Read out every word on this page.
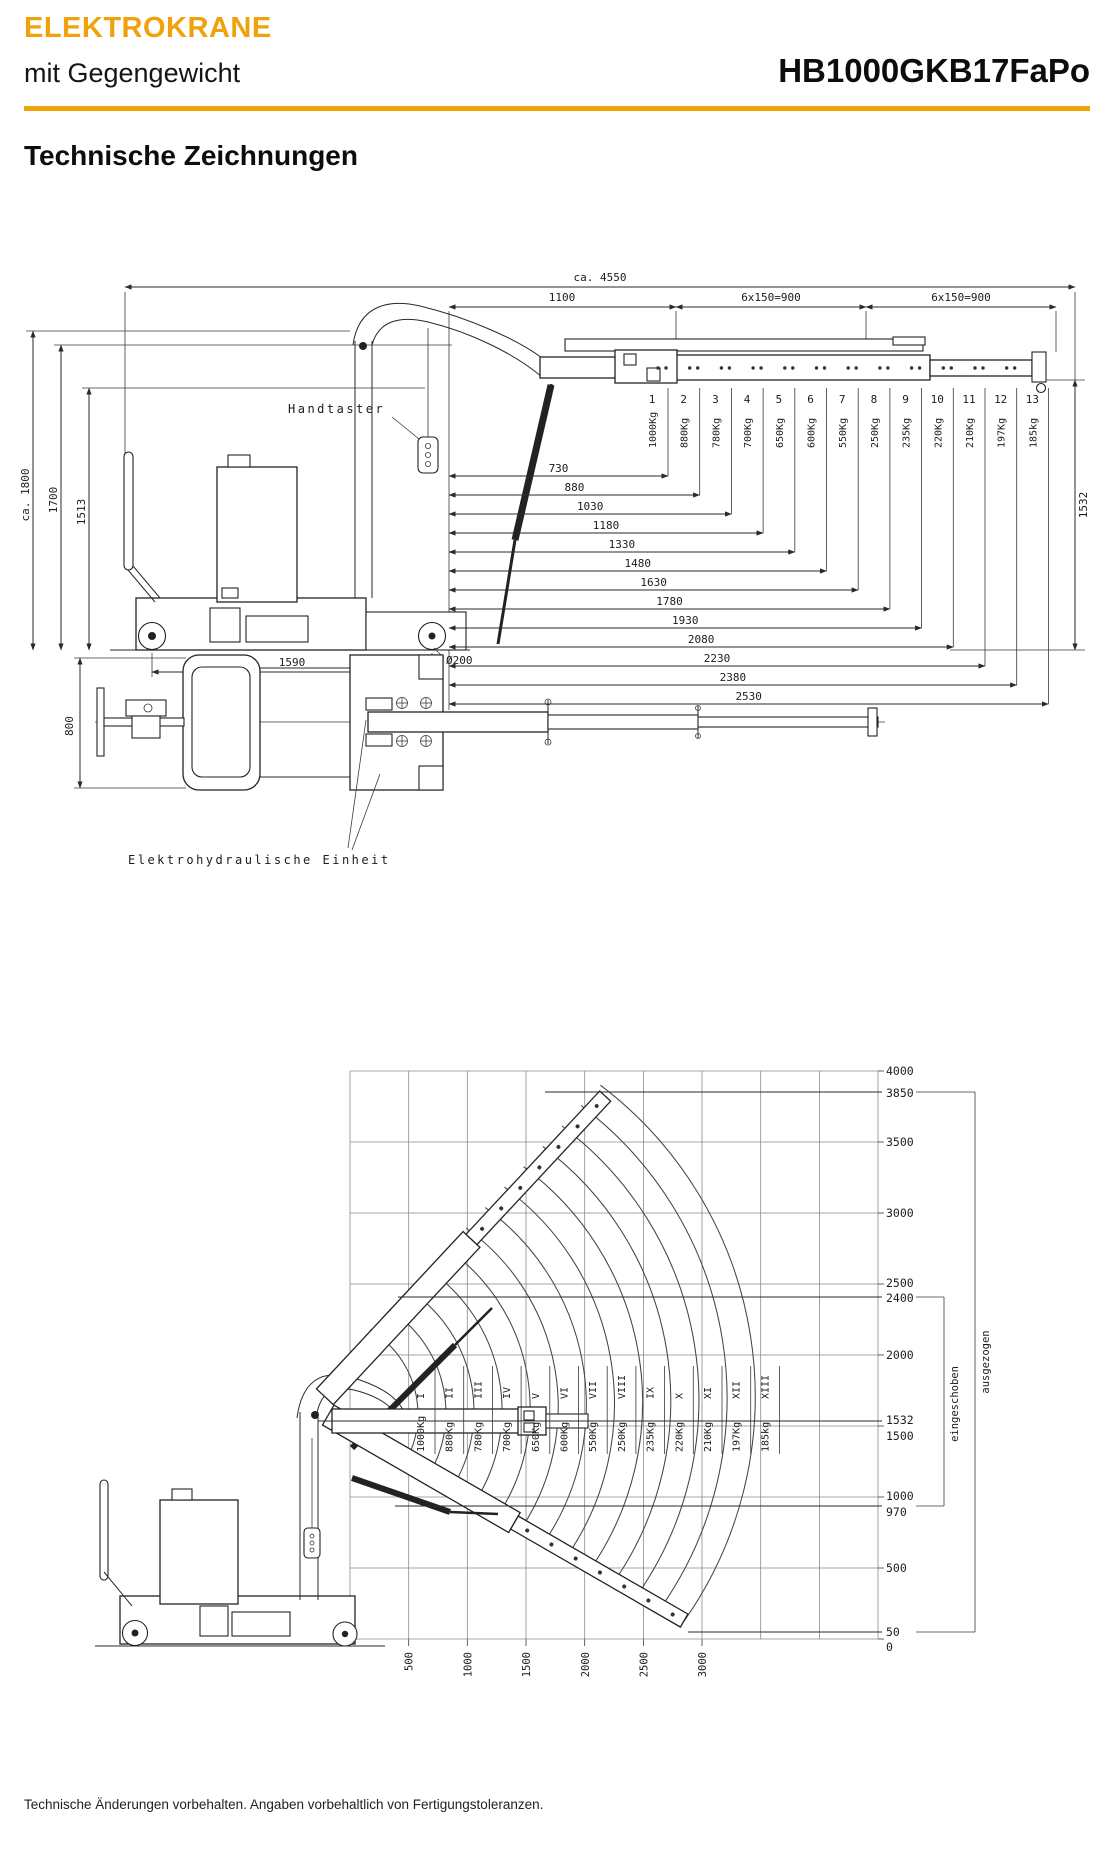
ELEKTROKRANE
mit Gegengewicht	HB1000GKB17FaPo
Technische Zeichnungen
ca. 4550
1100	6x150=900	6x150=900
ca. 1800 1700 1513	1532
Handtaster
1
1000Kg
2
880Kg
3
780Kg
4
700Kg
5
650Kg
6
600Kg
7
550Kg
8
250Kg
9
235Kg
10
220Kg
11
210Kg
12
197Kg
13
185kg
730
880
1030
1180
1330
1480
1630
1780
1930
2080
2230
2380
2530
1590	Ø200
800
Elektrohydraulische Einheit
I
1000Kg
II
880Kg
III
780Kg
IV
700Kg
V
650Kg
VI
600Kg
VII
550Kg
VIII
250Kg
IX
235Kg
X
220Kg
XI
210Kg
XII
197Kg
XIII
185kg
4000
3850
3500
3000
2500
2400
2000
1532
1500
1000
970
500
50
0
500	1000	1500	2000	2500	3000
eingeschoben
ausgezogen
Technische Änderungen vorbehalten. Angaben vorbehaltlich von Fertigungstoleranzen.
